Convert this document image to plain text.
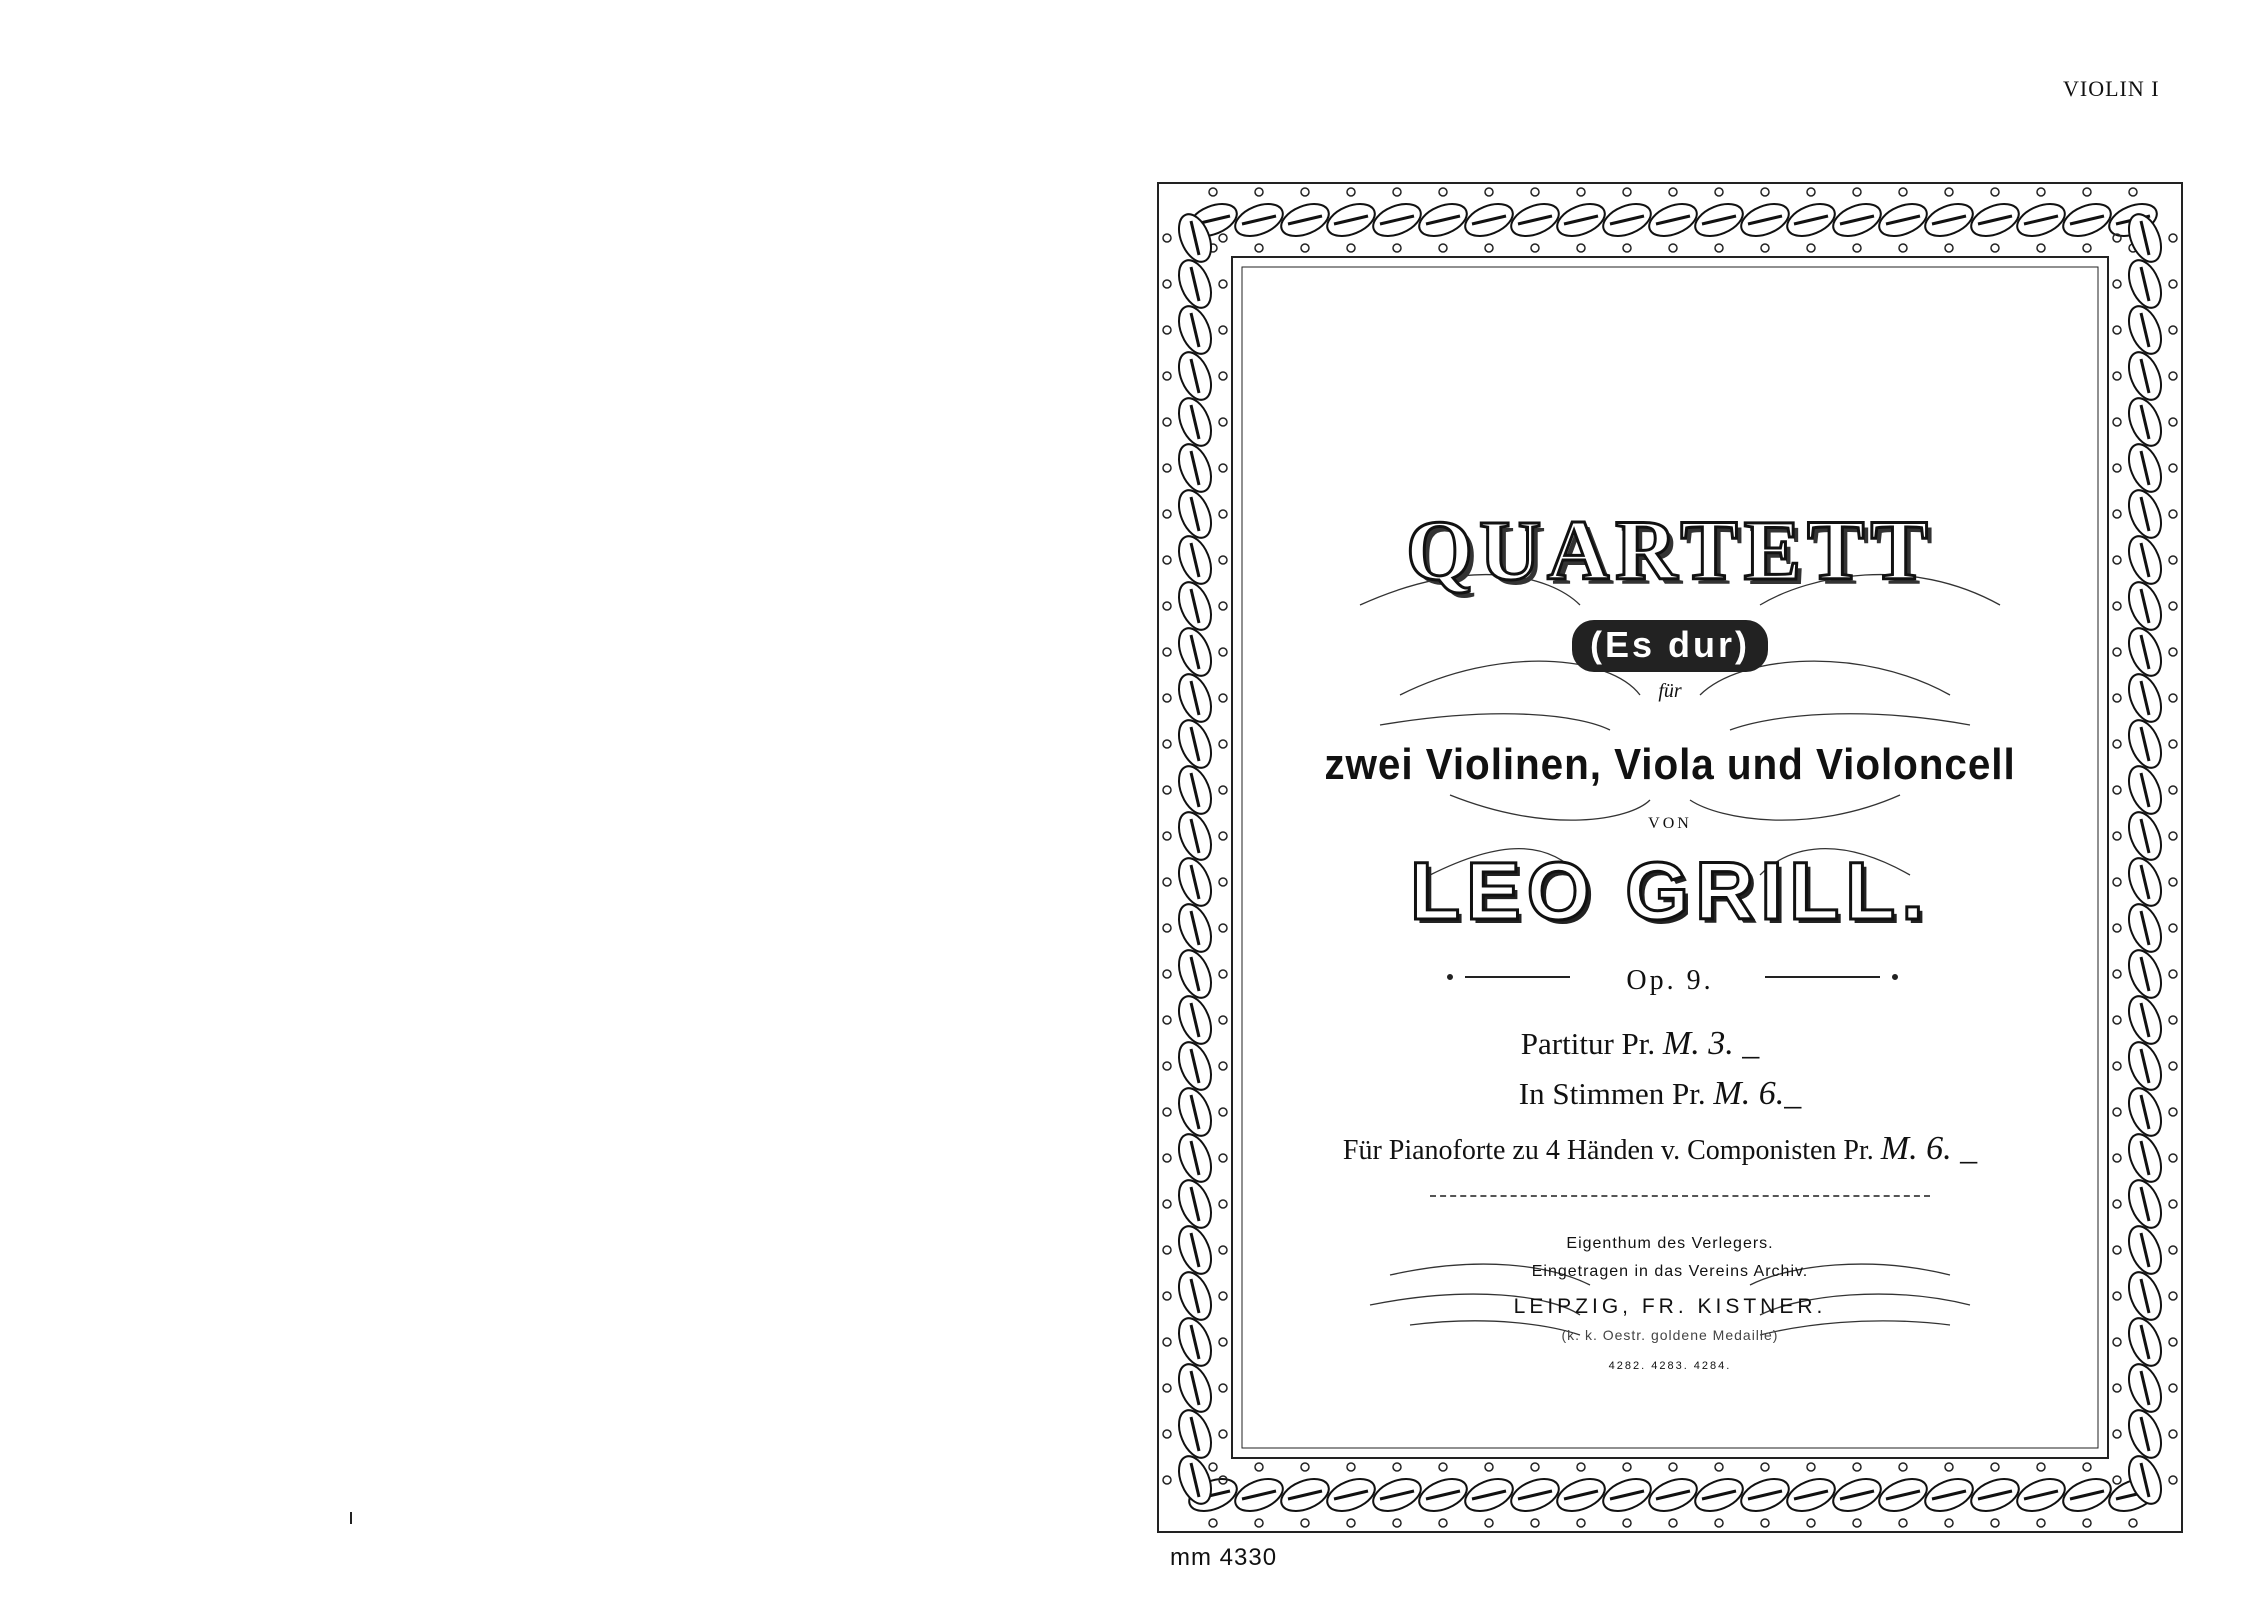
VIOLIN I
QUARTETT
(Es dur)
für
zwei Violinen, Viola und Violoncell
VON
LEO GRILL.
Op. 9.
Partitur Pr. M. 3. _
In Stimmen Pr. M. 6._
Für Pianoforte zu 4 Händen v. Componisten Pr. M. 6. _
Eigenthum des Verlegers.
Eingetragen in das Vereins Archiv.
LEIPZIG, FR. KISTNER.
(k. k. Oestr. goldene Medaille)
4282. 4283. 4284.
mm 4330
